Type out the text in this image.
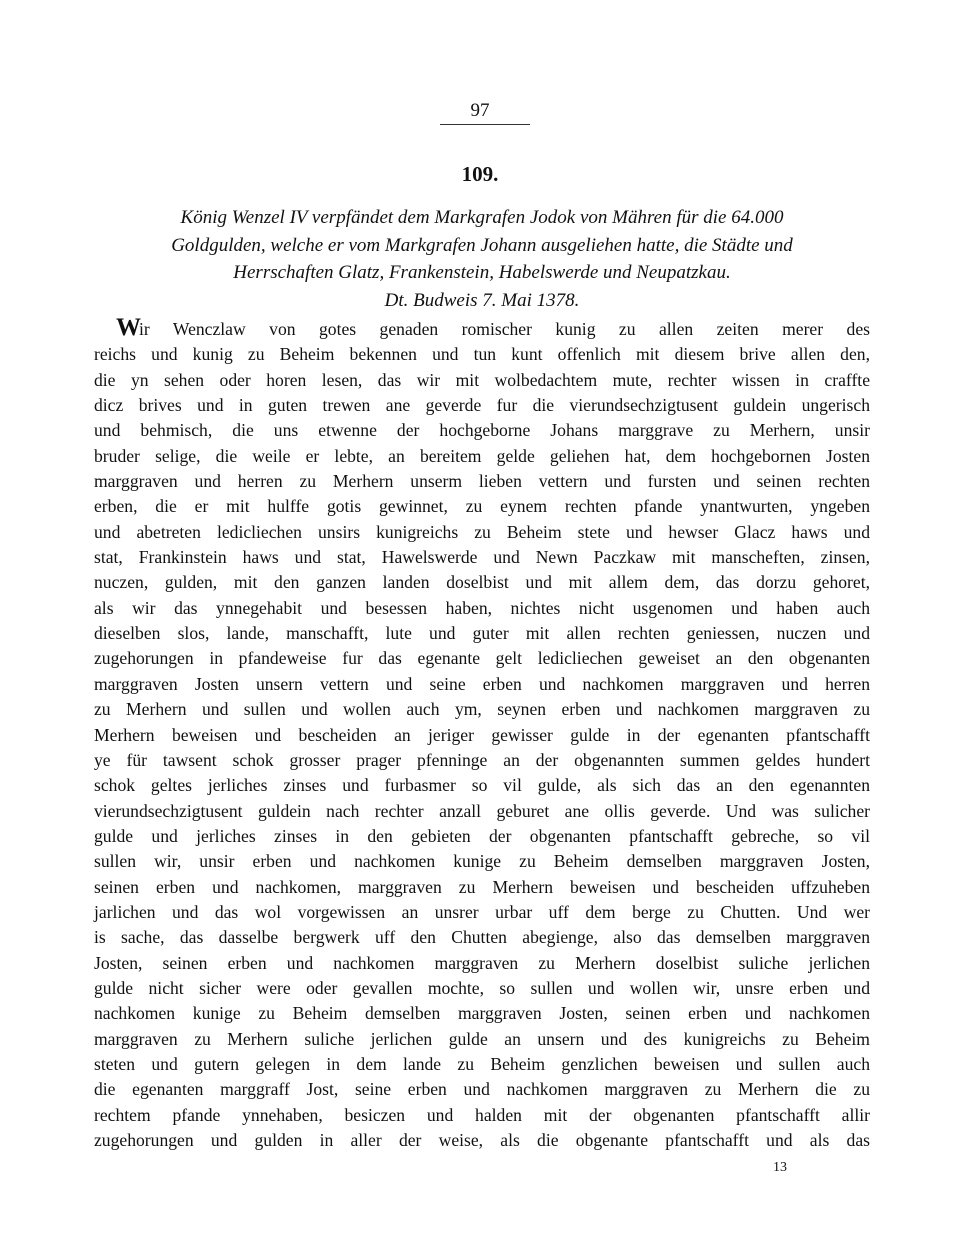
97
109.
König Wenzel IV verpfändet dem Markgrafen Jodok von Mähren für die 64.000
Goldgulden, welche er vom Markgrafen Johann ausgeliehen hatte, die Städte und
Herrschaften Glatz, Frankenstein, Habelswerde und Neupatzkau.
Dt. Budweis 7. Mai 1378.
Wir Wenczlaw von gotes genaden romischer kunig zu allen zeiten merer des
reichs und kunig zu Beheim bekennen und tun kunt offenlich mit diesem brive allen den,
die yn sehen oder horen lesen, das wir mit wolbedachtem mute, rechter wissen in craffte
dicz brives und in guten trewen ane geverde fur die vierundsechzigtusent guldein ungerisch
und behmisch, die uns etwenne der hochgeborne Johans marggrave zu Merhern, unsir
bruder selige, die weile er lebte, an bereitem gelde geliehen hat, dem hochgebornen Josten
marggraven und herren zu Merhern unserm lieben vettern und fursten und seinen rechten
erben, die er mit hulffe gotis gewinnet, zu eynem rechten pfande ynantwurten, yngeben
und abetreten ledicliechen unsirs kunigreichs zu Beheim stete und hewser Glacz haws und
stat, Frankinstein haws und stat, Hawelswerde und Newn Paczkaw mit manscheften, zinsen,
nuczen, gulden, mit den ganzen landen doselbist und mit allem dem, das dorzu gehoret,
als wir das ynnegehabit und besessen haben, nichtes nicht usgenomen und haben auch
dieselben slos, lande, manschafft, lute und guter mit allen rechten geniessen, nuczen und
zugehorungen in pfandeweise fur das egenante gelt ledicliechen geweiset an den obgenanten
marggraven Josten unsern vettern und seine erben und nachkomen marggraven und herren
zu Merhern und sullen und wollen auch ym, seynen erben und nachkomen marggraven zu
Merhern beweisen und bescheiden an jeriger gewisser gulde in der egenanten pfantschafft
ye für tawsent schok grosser prager pfenninge an der obgenannten summen geldes hundert
schok geltes jerliches zinses und furbasmer so vil gulde, als sich das an den egenannten
vierundsechzigtusent guldein nach rechter anzall geburet ane ollis geverde. Und was sulicher
gulde und jerliches zinses in den gebieten der obgenanten pfantschafft gebreche, so vil
sullen wir, unsir erben und nachkomen kunige zu Beheim demselben marggraven Josten,
seinen erben und nachkomen, marggraven zu Merhern beweisen und bescheiden uffzuheben
jarlichen und das wol vorgewissen an unsrer urbar uff dem berge zu Chutten. Und wer
is sache, das dasselbe bergwerk uff den Chutten abegienge, also das demselben marggraven
Josten, seinen erben und nachkomen marggraven zu Merhern doselbist suliche jerlichen
gulde nicht sicher were oder gevallen mochte, so sullen und wollen wir, unsre erben und
nachkomen kunige zu Beheim demselben marggraven Josten, seinen erben und nachkomen
marggraven zu Merhern suliche jerlichen gulde an unsern und des kunigreichs zu Beheim
steten und gutern gelegen in dem lande zu Beheim genzlichen beweisen und sullen auch
die egenanten marggraff Jost, seine erben und nachkomen marggraven zu Merhern die zu
rechtem pfande ynnehaben, besiczen und halden mit der obgenanten pfantschafft allir
zugehorungen und gulden in aller der weise, als die obgenante pfantschafft und als das
13
